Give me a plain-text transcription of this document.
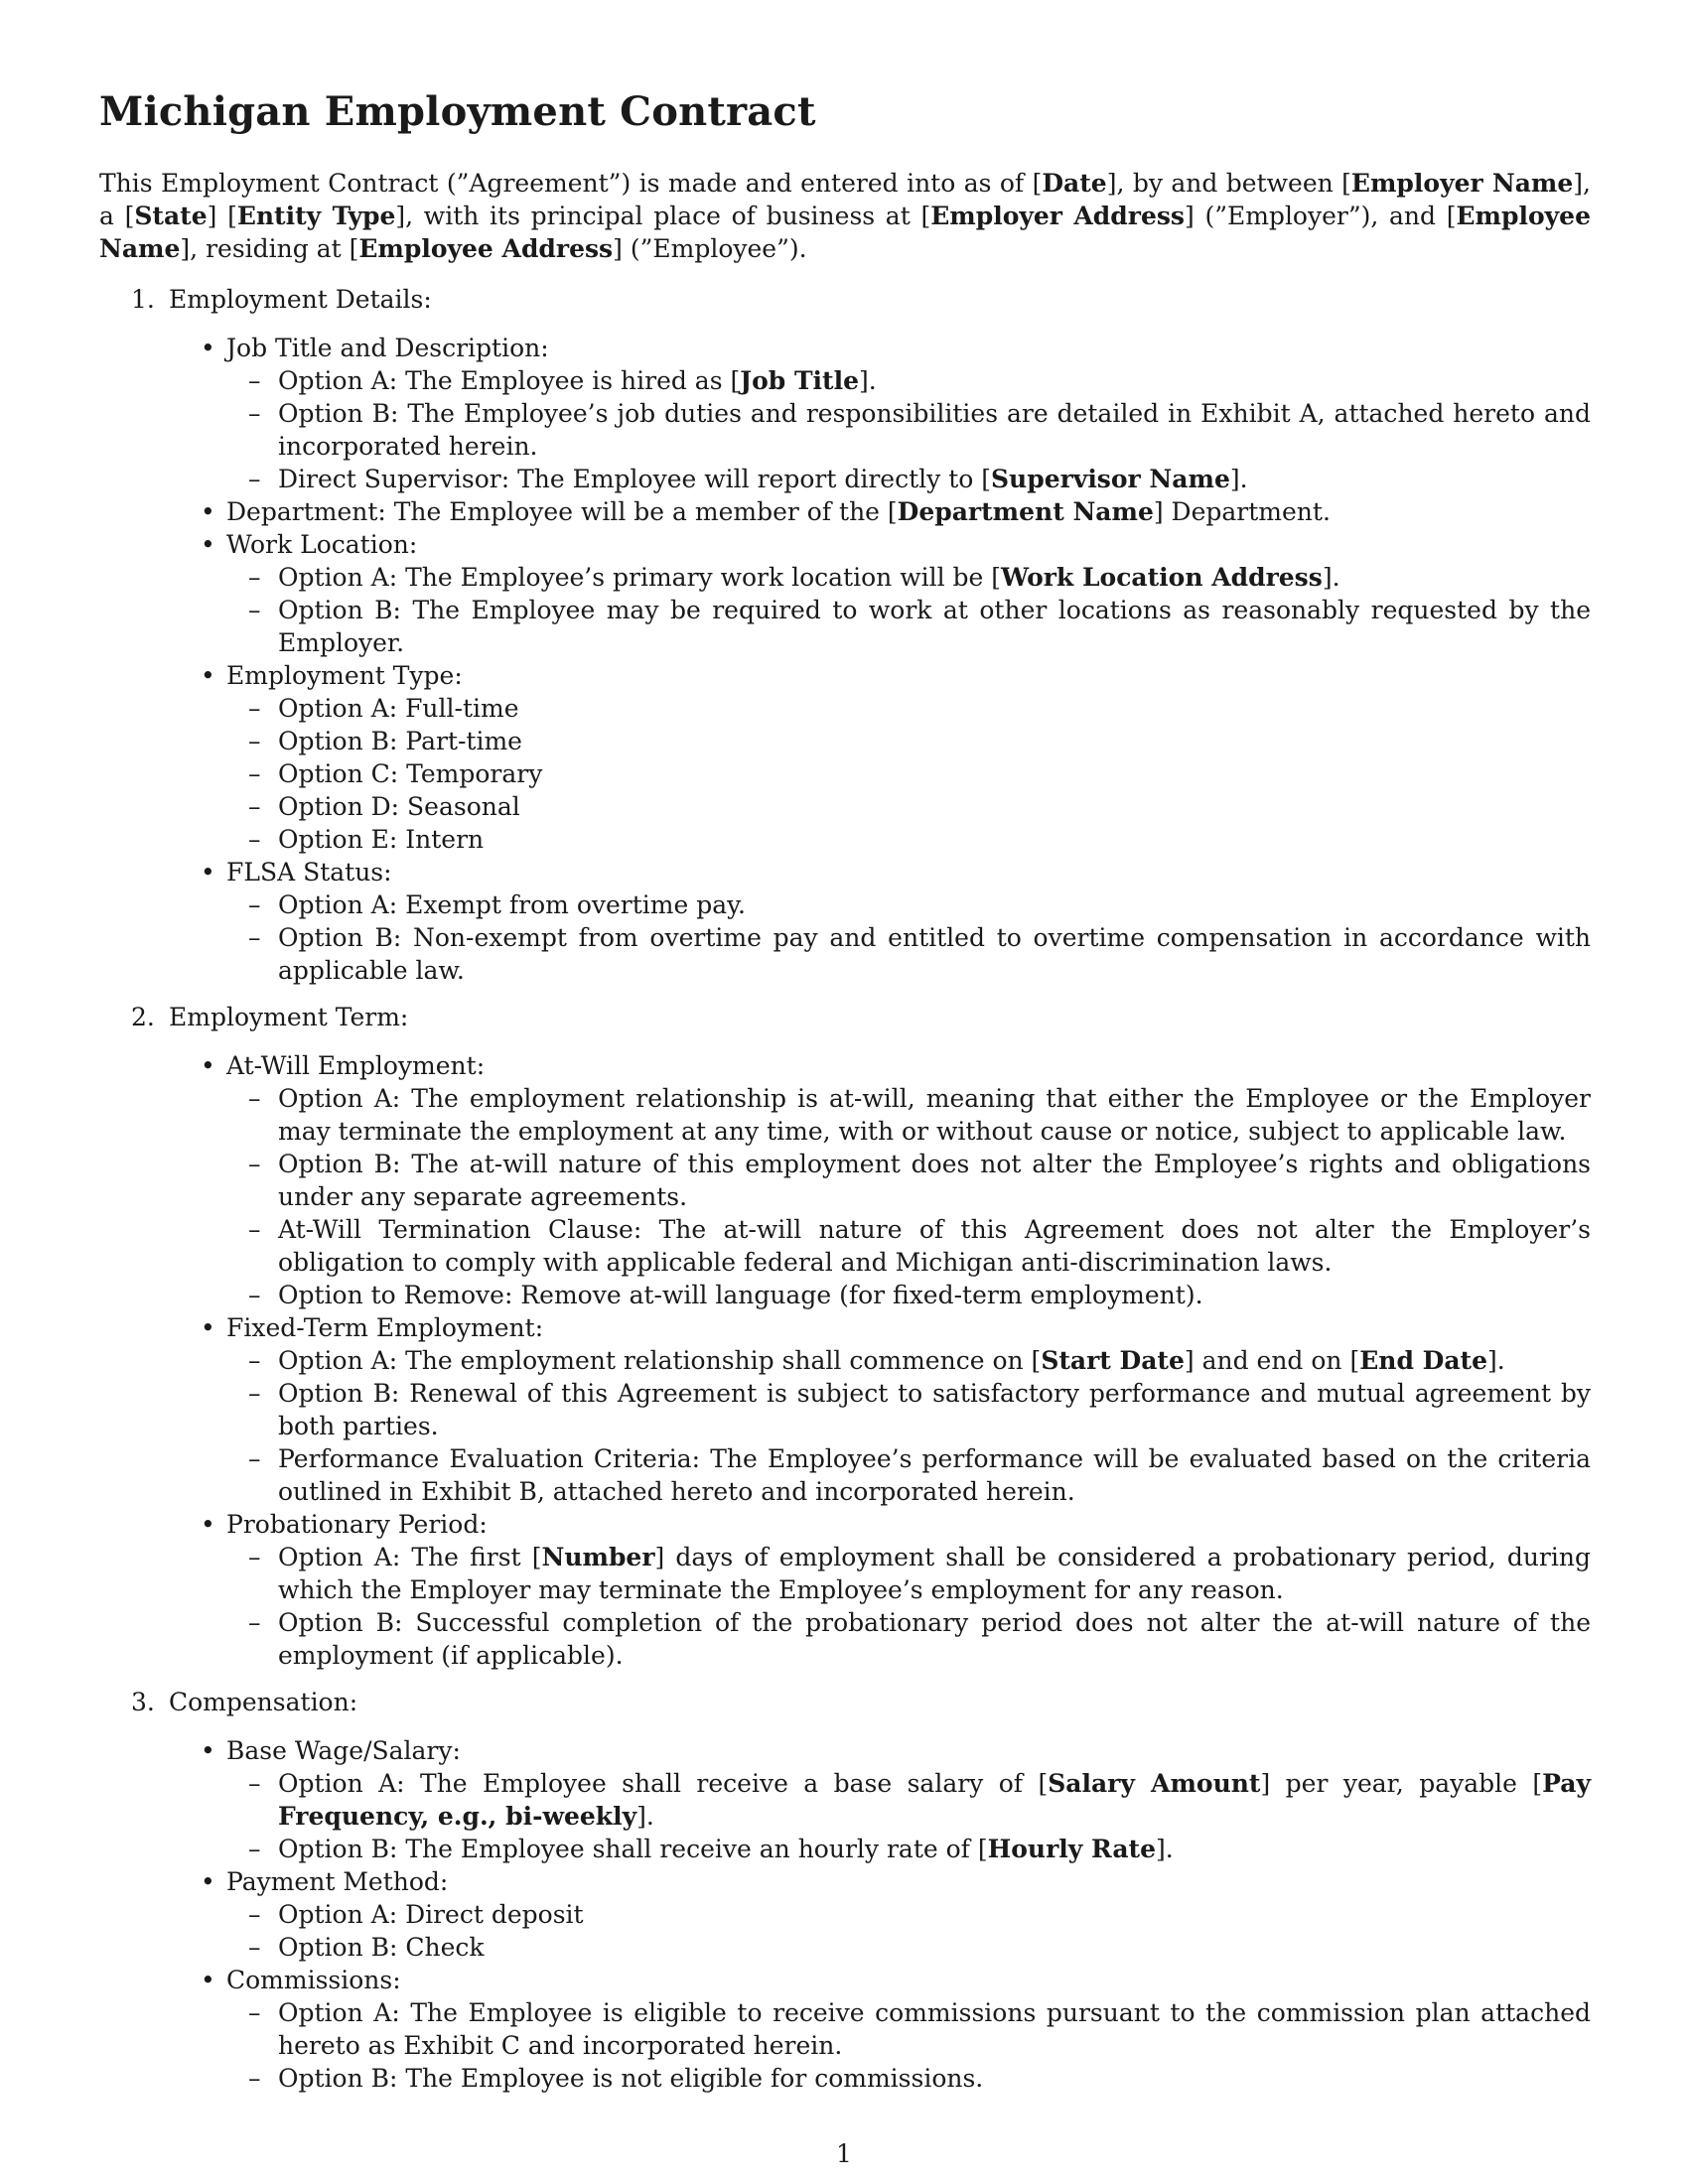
Michigan Employment Contract

This Employment Contract (”Agreement”) is made and entered into as of [Date], by and between [Employer Name], a [State] [Entity Type], with its principal place of business at [Employer Address] (”Employer”), and [Employee Name], residing at [Employee Address] (”Employee”).

1. Employment Details:
• Job Title and Description:
– Option A: The Employee is hired as [Job Title].
– Option B: The Employee’s job duties and responsibilities are detailed in Exhibit A, attached hereto and incorporated herein.
– Direct Supervisor: The Employee will report directly to [Supervisor Name].
• Department: The Employee will be a member of the [Department Name] Department.
• Work Location:
– Option A: The Employee’s primary work location will be [Work Location Address].
– Option B: The Employee may be required to work at other locations as reasonably requested by the Employer.
• Employment Type:
– Option A: Full-time
– Option B: Part-time
– Option C: Temporary
– Option D: Seasonal
– Option E: Intern
• FLSA Status:
– Option A: Exempt from overtime pay.
– Option B: Non-exempt from overtime pay and entitled to overtime compensation in accordance with applicable law.
2. Employment Term:
• At-Will Employment:
– Option A: The employment relationship is at-will, meaning that either the Employee or the Employer may terminate the employment at any time, with or without cause or notice, subject to applicable law.
– Option B: The at-will nature of this employment does not alter the Employee’s rights and obligations under any separate agreements.
– At-Will Termination Clause: The at-will nature of this Agreement does not alter the Employer’s obligation to comply with applicable federal and Michigan anti-discrimination laws.
– Option to Remove: Remove at-will language (for fixed-term employment).
• Fixed-Term Employment:
– Option A: The employment relationship shall commence on [Start Date] and end on [End Date].
– Option B: Renewal of this Agreement is subject to satisfactory performance and mutual agreement by both parties.
– Performance Evaluation Criteria: The Employee’s performance will be evaluated based on the criteria outlined in Exhibit B, attached hereto and incorporated herein.
• Probationary Period:
– Option A: The first [Number] days of employment shall be considered a probationary period, during which the Employer may terminate the Employee’s employment for any reason.
– Option B: Successful completion of the probationary period does not alter the at-will nature of the employment (if applicable).
3. Compensation:
• Base Wage/Salary:
– Option A: The Employee shall receive a base salary of [Salary Amount] per year, payable [Pay Frequency, e.g., bi-weekly].
– Option B: The Employee shall receive an hourly rate of [Hourly Rate].
• Payment Method:
– Option A: Direct deposit
– Option B: Check
• Commissions:
– Option A: The Employee is eligible to receive commissions pursuant to the commission plan attached hereto as Exhibit C and incorporated herein.
– Option B: The Employee is not eligible for commissions.
1
